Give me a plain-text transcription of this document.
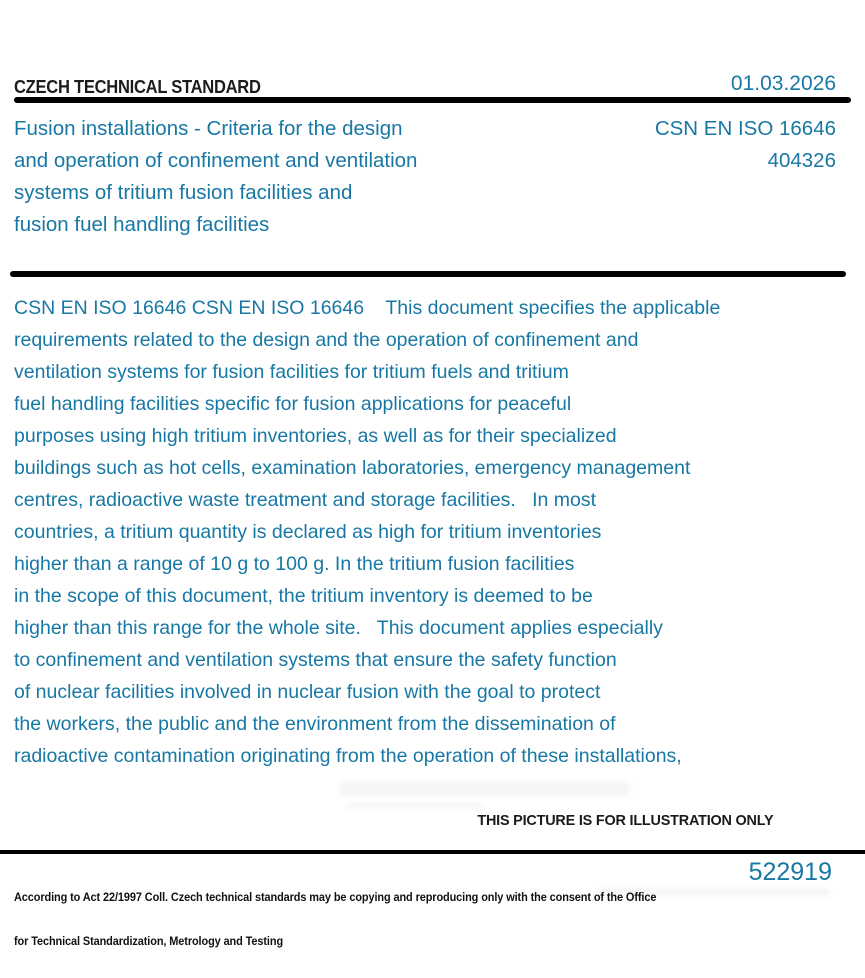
CZECH TECHNICAL STANDARD	01.03.2026
Fusion installations - Criteria for the design
and operation of confinement and ventilation
systems of tritium fusion facilities and
fusion fuel handling facilities
CSN EN ISO 16646
404326
CSN EN ISO 16646 CSN EN ISO 16646    This document specifies the applicable
requirements related to the design and the operation of confinement and
ventilation systems for fusion facilities for tritium fuels and tritium
fuel handling facilities specific for fusion applications for peaceful
purposes using high tritium inventories, as well as for their specialized
buildings such as hot cells, examination laboratories, emergency management
centres, radioactive waste treatment and storage facilities.   In most
countries, a tritium quantity is declared as high for tritium inventories
higher than a range of 10 g to 100 g. In the tritium fusion facilities
in the scope of this document, the tritium inventory is deemed to be
higher than this range for the whole site.   This document applies especially
to confinement and ventilation systems that ensure the safety function
of nuclear facilities involved in nuclear fusion with the goal to protect
the workers, the public and the environment from the dissemination of
radioactive contamination originating from the operation of these installations,
THIS PICTURE IS FOR ILLUSTRATION ONLY

According to Act 22/1997 Coll. Czech technical standards may be copying and reproducing only with the consent of the Office

for Technical Standardization, Metrology and Testing

522919
